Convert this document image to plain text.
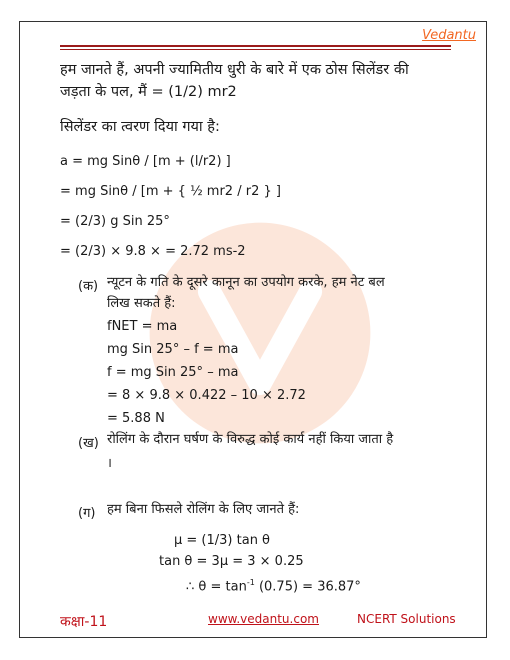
Vedantu
हम जानते हैं, अपनी ज्यामितीय धुरी के बारे में एक ठोस सिलेंडर की
जड़ता के पल, मैं = (1/2) mr2
सिलेंडर का त्वरण दिया गया है:
a = mg Sinθ / [m + (l/r2) ]
= mg Sinθ / [m + { ½ mr2 / r2 } ]
= (2/3) g Sin 25°
= (2/3) × 9.8 × = 2.72 ms-2
(क) न्यूटन के गति के दूसरे कानून का उपयोग करके, हम नेट बल
लिख सकते हैं:
fNET = ma
mg Sin 25° – f = ma
f = mg Sin 25° – ma
= 8 × 9.8 × 0.422 – 10 × 2.72
= 5.88 N
(ख) रोलिंग के दौरान घर्षण के विरुद्ध कोई कार्य नहीं किया जाता है
।
(ग) हम बिना फिसले रोलिंग के लिए जानते हैं:
μ = (1/3) tan θ
tan θ = 3μ = 3 × 0.25
∴ $\theta = \tan^{-1} (0.75) = 36.87^\circ$
कक्षा-11	www.vedantu.com	NCERT Solutions
